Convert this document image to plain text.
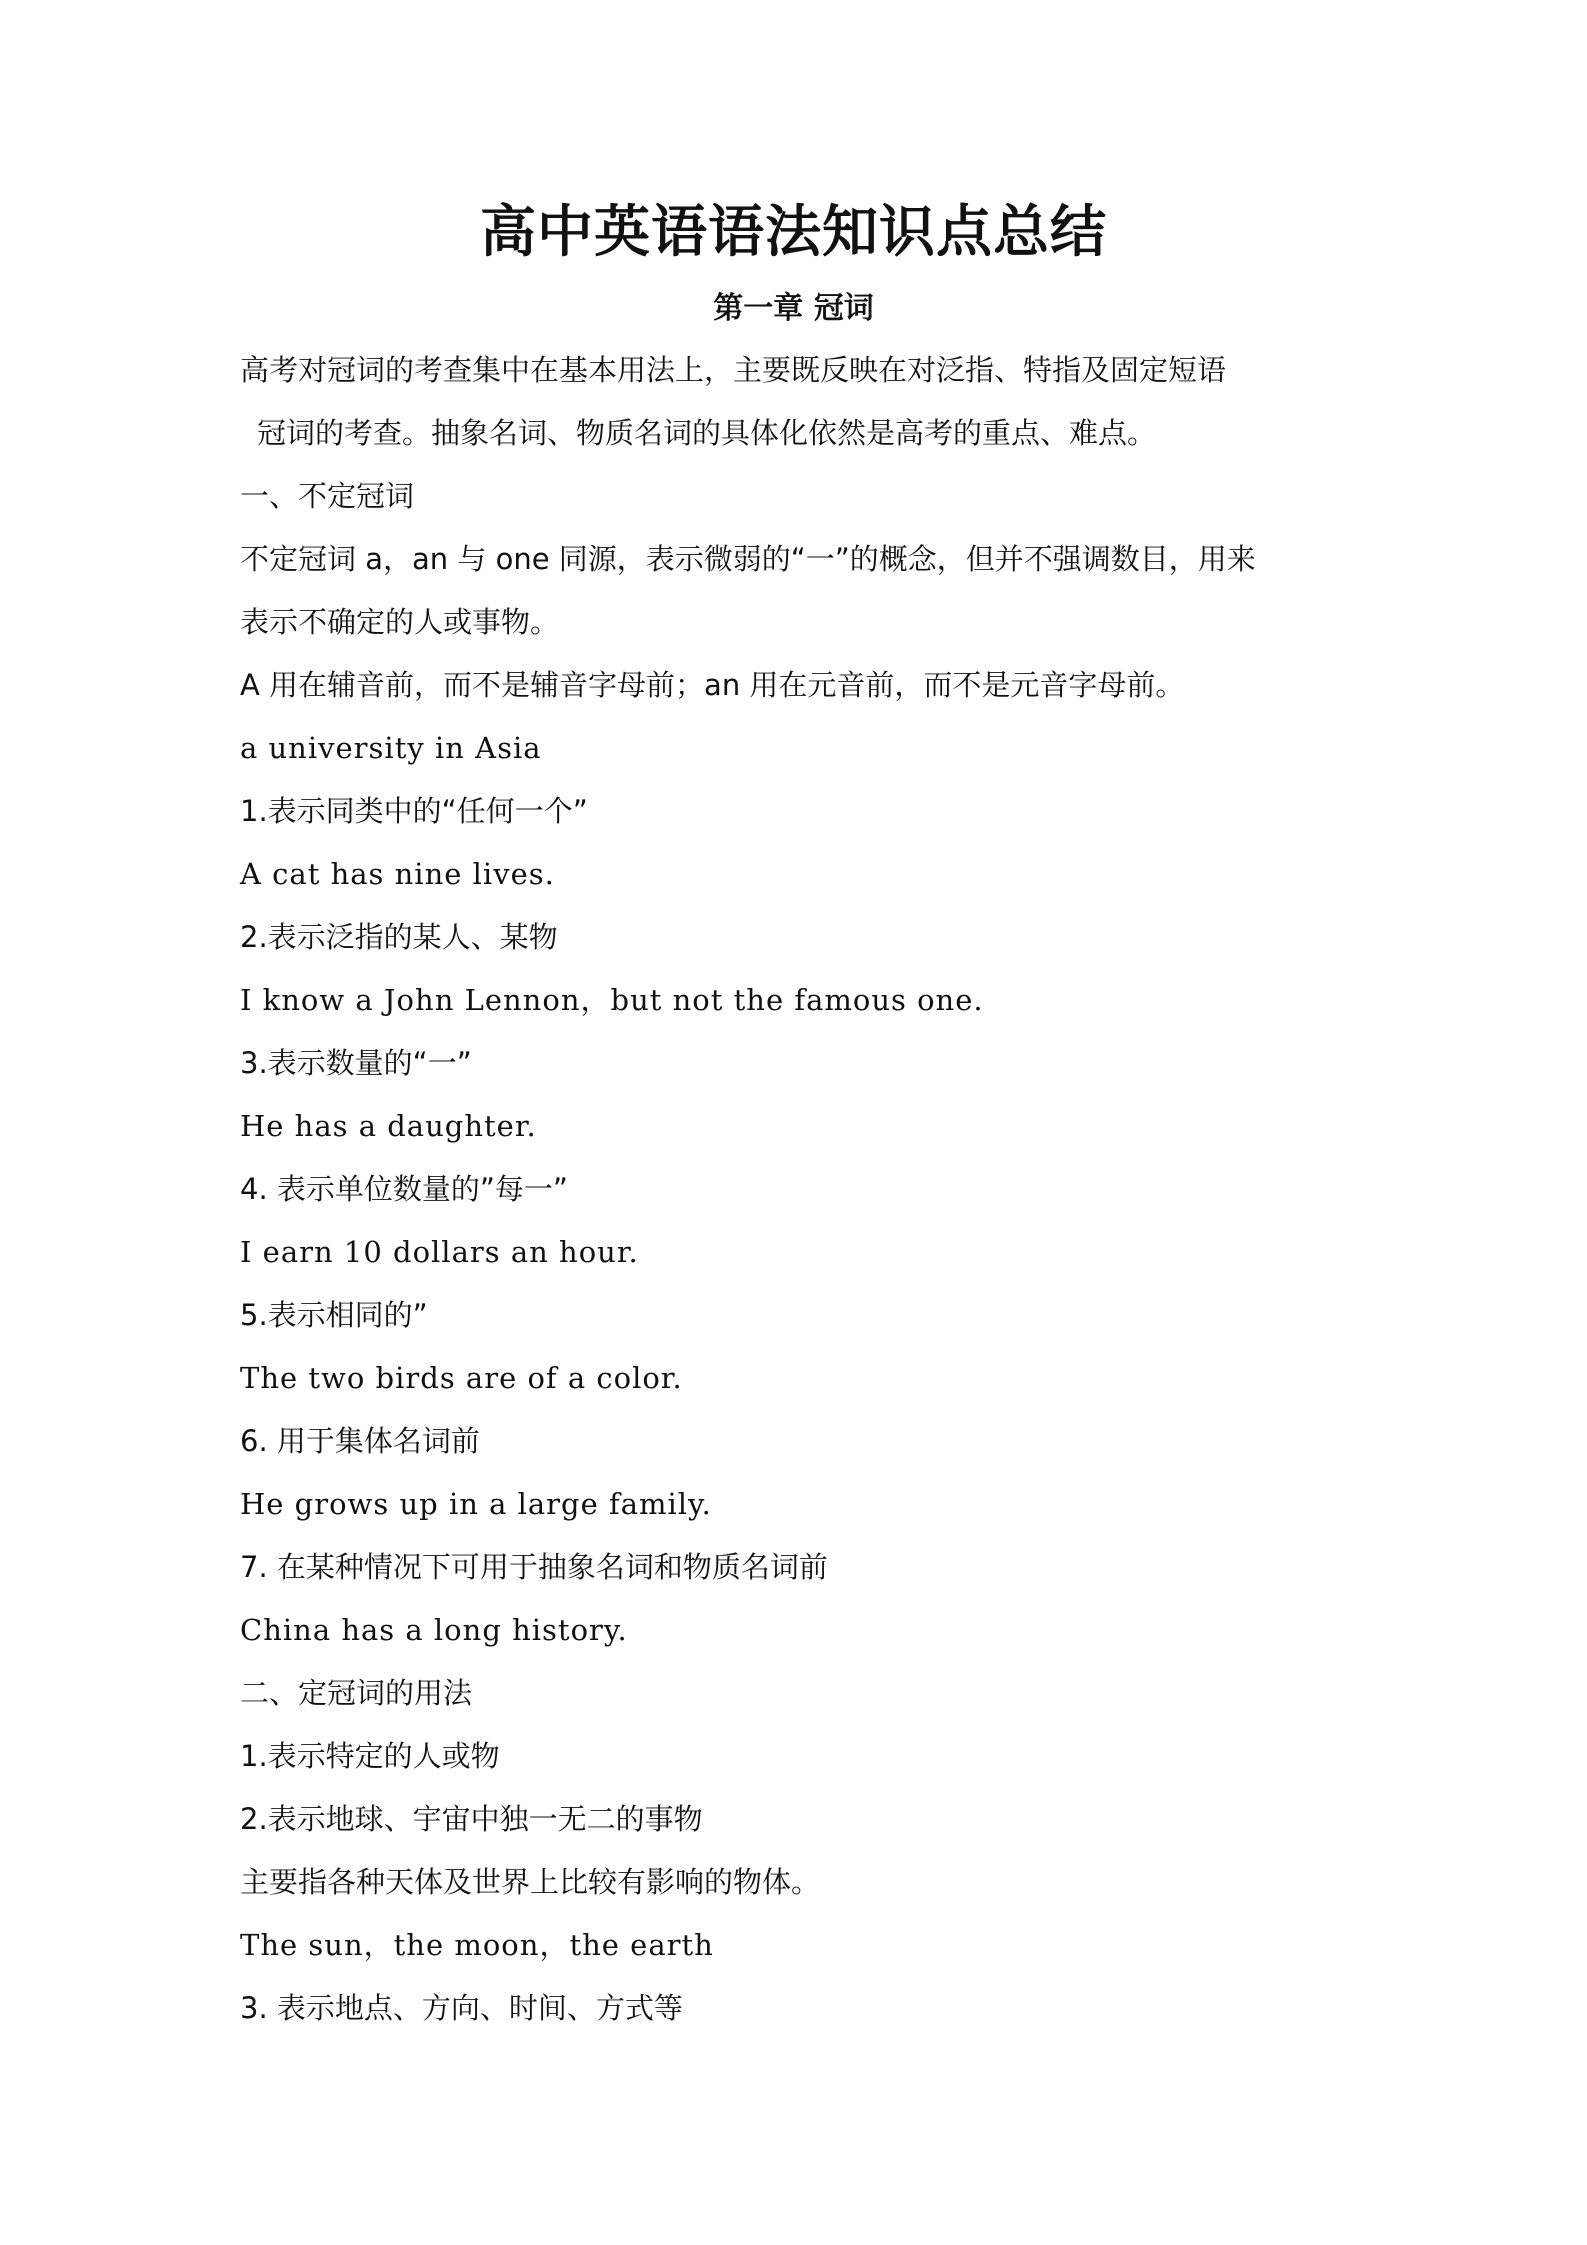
高中英语语法知识点总结
第一章 冠词
高考对冠词的考查集中在基本用法上，主要既反映在对泛指、特指及固定短语
冠词的考查。抽象名词、物质名词的具体化依然是高考的重点、难点。
一、不定冠词
不定冠词 a，an 与 one 同源，表示微弱的“一”的概念，但并不强调数目，用来
表示不确定的人或事物。
A 用在辅音前，而不是辅音字母前；an 用在元音前，而不是元音字母前。
a university in Asia
1.表示同类中的“任何一个”
A cat has nine lives.
2.表示泛指的某人、某物
I know a John Lennon，but not the famous one.
3.表示数量的“一”
He has a daughter.
4. 表示单位数量的”每一”
I earn 10 dollars an hour.
5.表示相同的”
The two birds are of a color.
6. 用于集体名词前
He grows up in a large family.
7. 在某种情况下可用于抽象名词和物质名词前
China has a long history.
二、定冠词的用法
1.表示特定的人或物
2.表示地球、宇宙中独一无二的事物
主要指各种天体及世界上比较有影响的物体。
The sun，the moon，the earth
3. 表示地点、方向、时间、方式等
